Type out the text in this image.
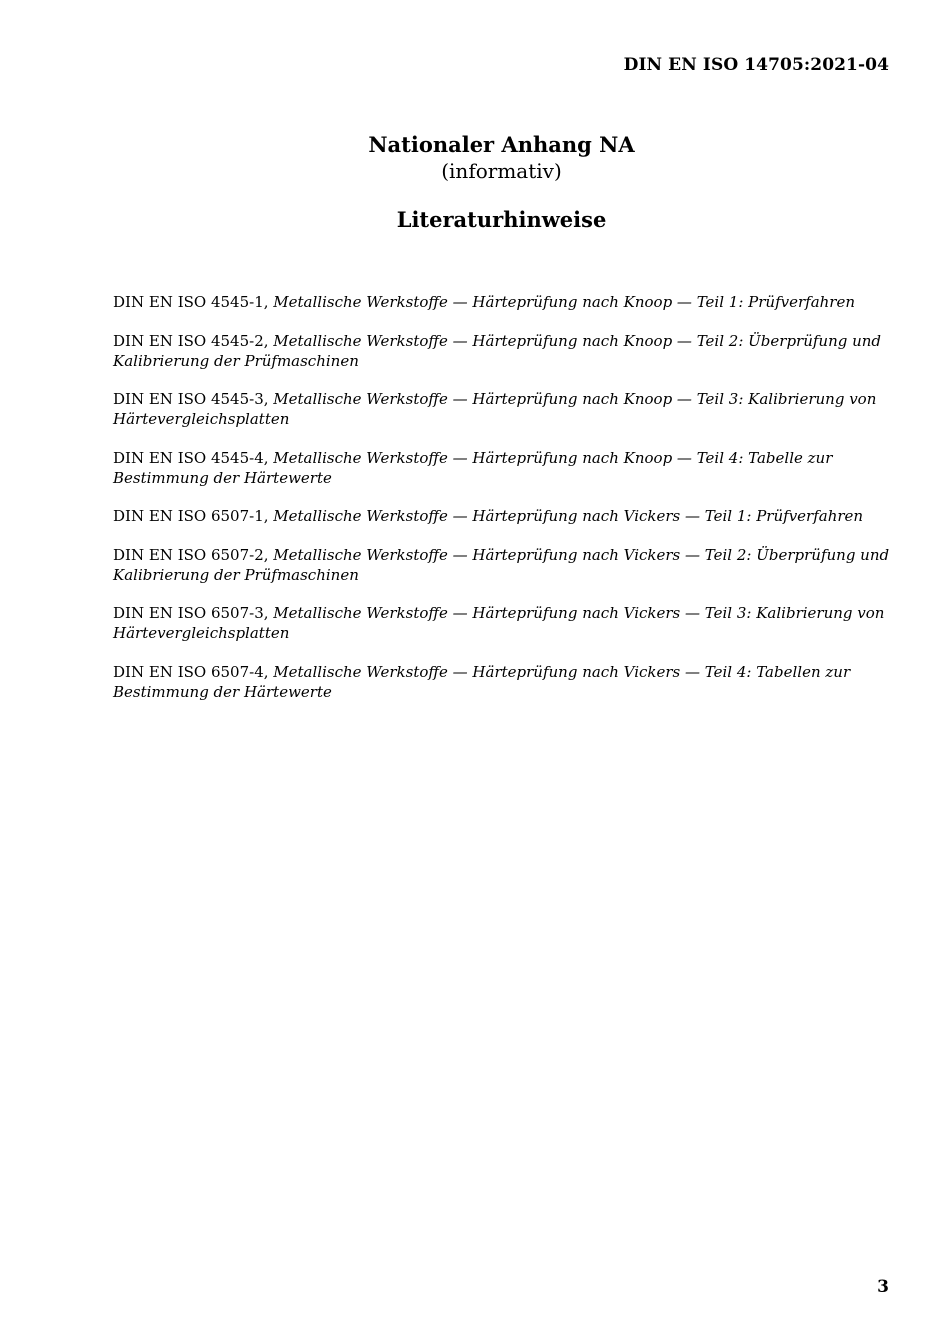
DIN EN ISO 14705:2021-04
Nationaler Anhang NA
(informativ)
Literaturhinweise
DIN EN ISO 4545-1, Metallische Werkstoffe — Härteprüfung nach Knoop — Teil 1: Prüfverfahren
DIN EN ISO 4545-2, Metallische Werkstoffe — Härteprüfung nach Knoop — Teil 2: Überprüfung und Kalibrierung der Prüfmaschinen
DIN EN ISO 4545-3, Metallische Werkstoffe — Härteprüfung nach Knoop — Teil 3: Kalibrierung von Härtevergleichsplatten
DIN EN ISO 4545-4, Metallische Werkstoffe — Härteprüfung nach Knoop — Teil 4: Tabelle zur Bestimmung der Härtewerte
DIN EN ISO 6507-1, Metallische Werkstoffe — Härteprüfung nach Vickers — Teil 1: Prüfverfahren
DIN EN ISO 6507-2, Metallische Werkstoffe — Härteprüfung nach Vickers — Teil 2: Überprüfung und Kalibrierung der Prüfmaschinen
DIN EN ISO 6507-3, Metallische Werkstoffe — Härteprüfung nach Vickers — Teil 3: Kalibrierung von Härtevergleichsplatten
DIN EN ISO 6507-4, Metallische Werkstoffe — Härteprüfung nach Vickers — Teil 4: Tabellen zur Bestimmung der Härtewerte
3
